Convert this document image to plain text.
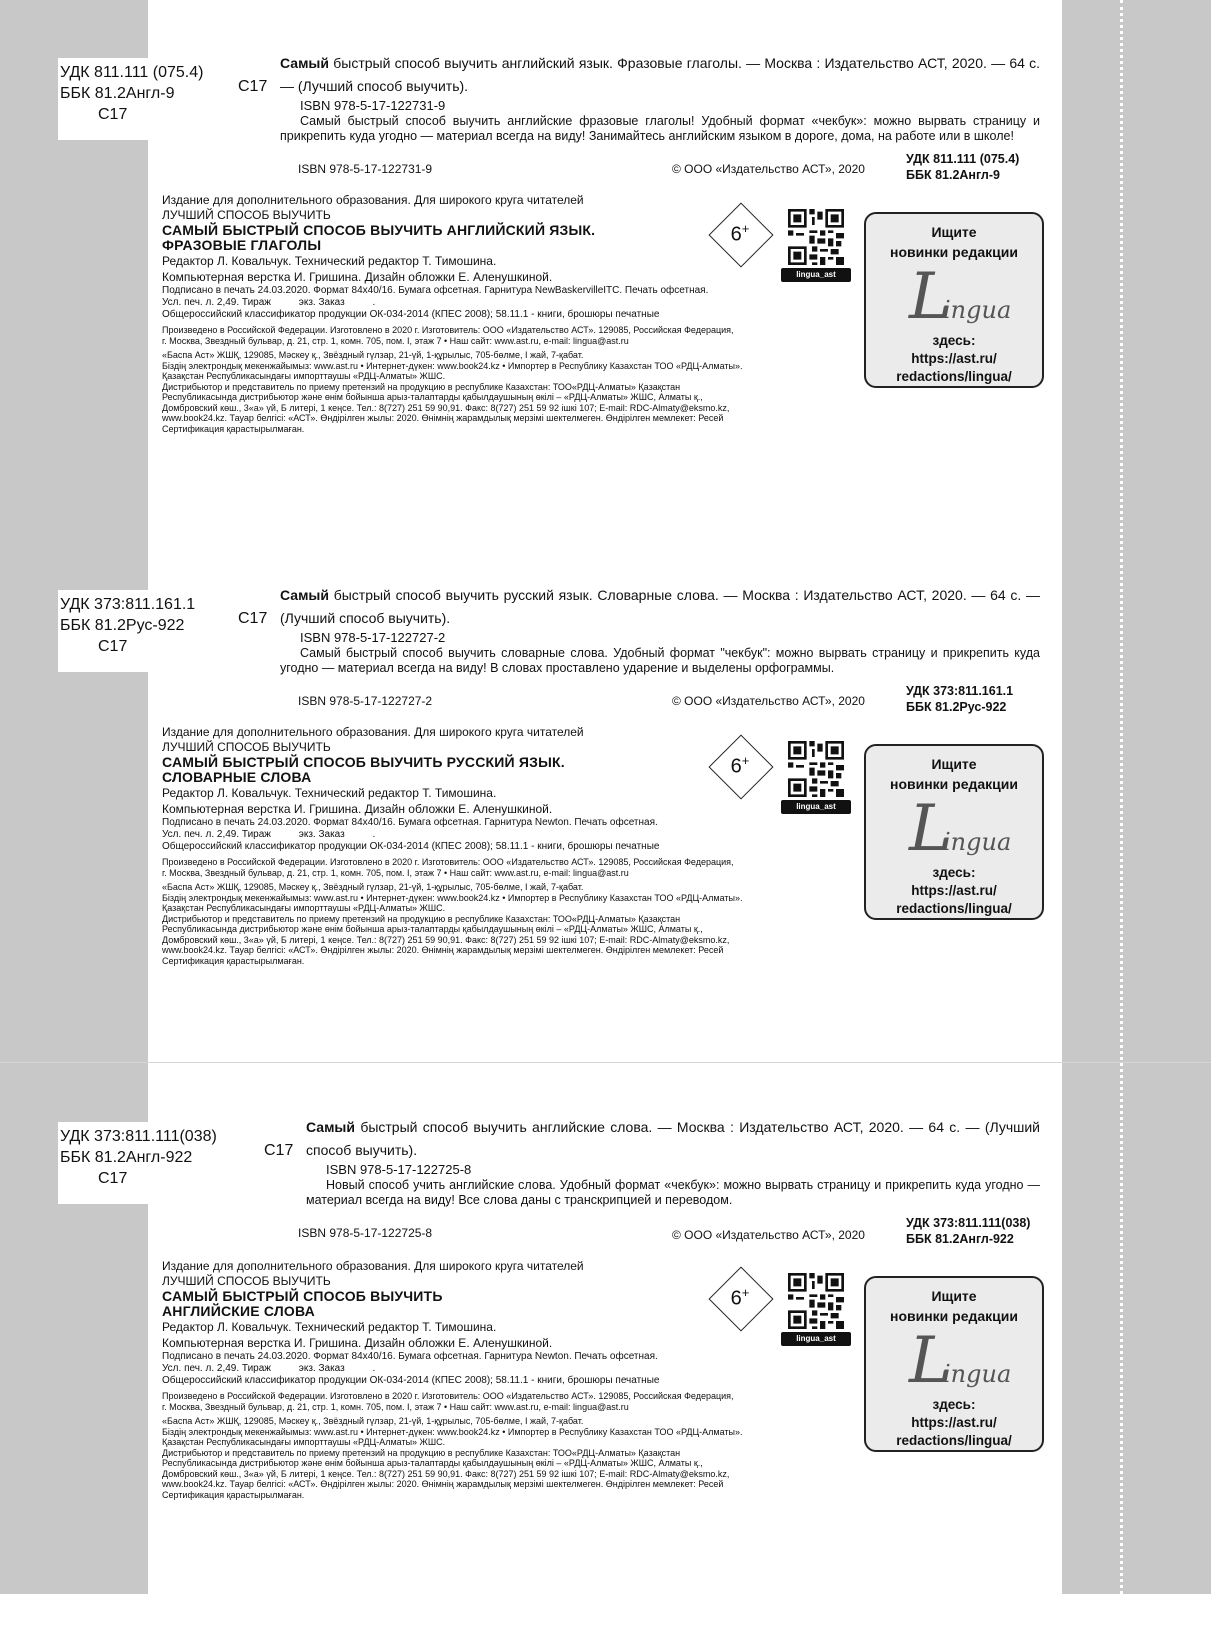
УДК 811.111 (075.4)
ББК 81.2Англ-9
С17
С17
Самый быстрый способ выучить английский язык. Фразовые глаголы. — Москва : Издательство АСТ, 2020. — 64 с. — (Лучший способ выучить).
ISBN 978-5-17-122731-9
Самый быстрый способ выучить английские фразовые глаголы! Удобный формат «чекбук»: можно вырвать страницу и прикрепить куда угодно — материал всегда на виду! Занимайтесь английским языком в дороге, дома, на работе или в школе!
ISBN 978-5-17-122731-9	© ООО «Издательство АСТ», 2020
УДК 811.111 (075.4)
ББК 81.2Англ-9
Издание для дополнительного образования. Для широкого круга читателей
ЛУЧШИЙ СПОСОБ ВЫУЧИТЬ
САМЫЙ БЫСТРЫЙ СПОСОБ ВЫУЧИТЬ АНГЛИЙСКИЙ ЯЗЫК.
ФРАЗОВЫЕ ГЛАГОЛЫ
Редактор Л. Ковальчук. Технический редактор Т. Тимошина.
Компьютерная верстка И. Гришина. Дизайн обложки Е. Аленушкиной.
Подписано в печать 24.03.2020. Формат 84x40/16. Бумага офсетная. Гарнитура NewBaskervilleITC. Печать офсетная.
Усл. печ. л. 2,49. Тираж          экз. Заказ          .
Общероссийский классификатор продукции ОК-034-2014 (КПЕС 2008); 58.11.1 - книги, брошюры печатные
Произведено в Российской Федерации. Изготовлено в 2020 г. Изготовитель: ООО «Издательство АСТ». 129085, Российская Федерация,
г. Москва, Звездный бульвар, д. 21, стр. 1, комн. 705, пом. I, этаж 7 • Наш сайт: www.ast.ru, e-mail: lingua@ast.ru
«Баспа Аст» ЖШҚ, 129085, Мәскеу қ., Звёздный гүлзар, 21-үй, 1-құрылыс, 705-бөлме, I жай, 7-қабат.
Біздің электрондық мекенжайымыз: www.ast.ru • Интернет-дүкен: www.book24.kz • Импортер в Республику Казахстан ТОО «РДЦ-Алматы».
Қазақстан Республикасындағы импорттаушы «РДЦ-Алматы» ЖШС.
Дистрибьютор и представитель по приему претензий на продукцию в республике Казахстан: ТОО«РДЦ-Алматы» Қазақстан
Республикасында дистрибьютор және өнім бойынша арыз-талаптарды қабылдаушының өкілі – «РДЦ-Алматы» ЖШС, Алматы қ.,
Домбровский көш., 3«а» үй, Б литері, 1 кеңсе. Тел.: 8(727) 251 59 90,91. Факс: 8(727) 251 59 92 ішкі 107; E-mail: RDC-Almaty@eksmo.kz,
www.book24.kz. Тауар белгісі: «АСТ». Өндірілген жылы: 2020. Өнімнің жарамдылық мерзімі шектелмеген. Өндірілген мемлекет: Ресей
Сертификация қарастырылмаған.
6+
lingua_ast
Ищите
новинки редакции
L
ingua
здесь:
https://ast.ru/
redactions/lingua/
УДК 373:811.161.1
ББК 81.2Рус-922
С17
С17
Самый быстрый способ выучить русский язык. Словарные слова. — Москва : Издательство АСТ, 2020. — 64 с. — (Лучший способ выучить).
ISBN 978-5-17-122727-2
Самый быстрый способ выучить словарные слова. Удобный формат "чекбук": можно вырвать страницу и прикрепить куда угодно — материал всегда на виду! В словах проставлено ударение и выделены орфограммы.
ISBN 978-5-17-122727-2	© ООО «Издательство АСТ», 2020
УДК 373:811.161.1
ББК 81.2Рус-922
Издание для дополнительного образования. Для широкого круга читателей
ЛУЧШИЙ СПОСОБ ВЫУЧИТЬ
САМЫЙ БЫСТРЫЙ СПОСОБ ВЫУЧИТЬ РУССКИЙ ЯЗЫК.
СЛОВАРНЫЕ СЛОВА
Редактор Л. Ковальчук. Технический редактор Т. Тимошина.
Компьютерная верстка И. Гришина. Дизайн обложки Е. Аленушкиной.
Подписано в печать 24.03.2020. Формат 84x40/16. Бумага офсетная. Гарнитура Newton. Печать офсетная.
Усл. печ. л. 2,49. Тираж          экз. Заказ          .
Общероссийский классификатор продукции ОК-034-2014 (КПЕС 2008); 58.11.1 - книги, брошюры печатные
Произведено в Российской Федерации. Изготовлено в 2020 г. Изготовитель: ООО «Издательство АСТ». 129085, Российская Федерация,
г. Москва, Звездный бульвар, д. 21, стр. 1, комн. 705, пом. I, этаж 7 • Наш сайт: www.ast.ru, e-mail: lingua@ast.ru
«Баспа Аст» ЖШҚ, 129085, Мәскеу қ., Звёздный гүлзар, 21-үй, 1-құрылыс, 705-бөлме, I жай, 7-қабат.
Біздің электрондық мекенжайымыз: www.ast.ru • Интернет-дүкен: www.book24.kz • Импортер в Республику Казахстан ТОО «РДЦ-Алматы».
Қазақстан Республикасындағы импорттаушы «РДЦ-Алматы» ЖШС.
Дистрибьютор и представитель по приему претензий на продукцию в республике Казахстан: ТОО«РДЦ-Алматы» Қазақстан
Республикасында дистрибьютор және өнім бойынша арыз-талаптарды қабылдаушының өкілі – «РДЦ-Алматы» ЖШС, Алматы қ.,
Домбровский көш., 3«а» үй, Б литері, 1 кеңсе. Тел.: 8(727) 251 59 90,91. Факс: 8(727) 251 59 92 ішкі 107; E-mail: RDC-Almaty@eksmo.kz,
www.book24.kz. Тауар белгісі: «АСТ». Өндірілген жылы: 2020. Өнімнің жарамдылық мерзімі шектелмеген. Өндірілген мемлекет: Ресей
Сертификация қарастырылмаған.
6+
lingua_ast
Ищите
новинки редакции
L
ingua
здесь:
https://ast.ru/
redactions/lingua/
УДК 373:811.111(038)
ББК 81.2Англ-922
С17
С17
Самый быстрый способ выучить английские слова. — Москва : Издательство АСТ, 2020. — 64 с. — (Лучший способ выучить).
ISBN 978-5-17-122725-8
Новый способ учить английские слова. Удобный формат «чекбук»: можно вырвать страницу и прикрепить куда угодно — материал всегда на виду! Все слова даны с транскрипцией и переводом.
ISBN 978-5-17-122725-8	© ООО «Издательство АСТ», 2020
УДК 373:811.111(038)
ББК 81.2Англ-922
Издание для дополнительного образования. Для широкого круга читателей
ЛУЧШИЙ СПОСОБ ВЫУЧИТЬ
САМЫЙ БЫСТРЫЙ СПОСОБ ВЫУЧИТЬ
АНГЛИЙСКИЕ СЛОВА
Редактор Л. Ковальчук. Технический редактор Т. Тимошина.
Компьютерная верстка И. Гришина. Дизайн обложки Е. Аленушкиной.
Подписано в печать 24.03.2020. Формат 84x40/16. Бумага офсетная. Гарнитура Newton. Печать офсетная.
Усл. печ. л. 2,49. Тираж          экз. Заказ          .
Общероссийский классификатор продукции ОК-034-2014 (КПЕС 2008); 58.11.1 - книги, брошюры печатные
Произведено в Российской Федерации. Изготовлено в 2020 г. Изготовитель: ООО «Издательство АСТ». 129085, Российская Федерация,
г. Москва, Звездный бульвар, д. 21, стр. 1, комн. 705, пом. I, этаж 7 • Наш сайт: www.ast.ru, e-mail: lingua@ast.ru
«Баспа Аст» ЖШҚ, 129085, Мәскеу қ., Звёздный гүлзар, 21-үй, 1-құрылыс, 705-бөлме, I жай, 7-қабат.
Біздің электрондық мекенжайымыз: www.ast.ru • Интернет-дүкен: www.book24.kz • Импортер в Республику Казахстан ТОО «РДЦ-Алматы».
Қазақстан Республикасындағы импорттаушы «РДЦ-Алматы» ЖШС.
Дистрибьютор и представитель по приему претензий на продукцию в республике Казахстан: ТОО«РДЦ-Алматы» Қазақстан
Республикасында дистрибьютор және өнім бойынша арыз-талаптарды қабылдаушының өкілі – «РДЦ-Алматы» ЖШС, Алматы қ.,
Домбровский көш., 3«а» үй, Б литері, 1 кеңсе. Тел.: 8(727) 251 59 90,91. Факс: 8(727) 251 59 92 ішкі 107; E-mail: RDC-Almaty@eksmo.kz,
www.book24.kz. Тауар белгісі: «АСТ». Өндірілген жылы: 2020. Өнімнің жарамдылық мерзімі шектелмеген. Өндірілген мемлекет: Ресей
Сертификация қарастырылмаған.
6+
lingua_ast
Ищите
новинки редакции
L
ingua
здесь:
https://ast.ru/
redactions/lingua/
